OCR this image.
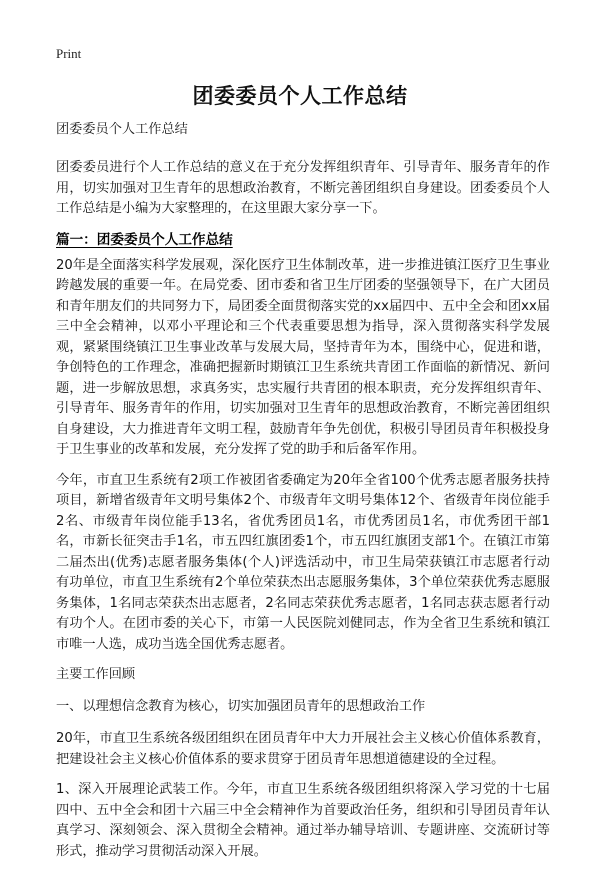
Print
团委委员个人工作总结

团委委员个人工作总结

团委委员进行个人工作总结的意义在于充分发挥组织青年、引导青年、服务青年的作用，切实加强对卫生青年的思想政治教育，不断完善团组织自身建设。团委委员个人工作总结是小编为大家整理的，在这里跟大家分享一下。

篇一：团委委员个人工作总结

20年是全面落实科学发展观，深化医疗卫生体制改革，进一步推进镇江医疗卫生事业跨越发展的重要一年。在局党委、团市委和省卫生厅团委的坚强领导下，在广大团员和青年朋友们的共同努力下，局团委全面贯彻落实党的xx届四中、五中全会和团xx届三中全会精神，以邓小平理论和三个代表重要思想为指导，深入贯彻落实科学发展观，紧紧围绕镇江卫生事业改革与发展大局，坚持青年为本，围绕中心，促进和谐，争创特色的工作理念，准确把握新时期镇江卫生系统共青团工作面临的新情况、新问题，进一步解放思想，求真务实，忠实履行共青团的根本职责，充分发挥组织青年、引导青年、服务青年的作用，切实加强对卫生青年的思想政治教育，不断完善团组织自身建设，大力推进青年文明工程，鼓励青年争先创优，积极引导团员青年积极投身于卫生事业的改革和发展，充分发挥了党的助手和后备军作用。

今年，市直卫生系统有2项工作被团省委确定为20年全省100个优秀志愿者服务扶持项目，新增省级青年文明号集体2个、市级青年文明号集体12个、省级青年岗位能手2名、市级青年岗位能手13名，省优秀团员1名，市优秀团员1名，市优秀团干部1名，市新长征突击手1名，市五四红旗团委1个，市五四红旗团支部1个。在镇江市第二届杰出(优秀)志愿者服务集体(个人)评选活动中，市卫生局荣获镇江市志愿者行动有功单位，市直卫生系统有2个单位荣获杰出志愿服务集体，3个单位荣获优秀志愿服务集体，1名同志荣获杰出志愿者，2名同志荣获优秀志愿者，1名同志获志愿者行动有功个人。在团市委的关心下，市第一人民医院刘健同志，作为全省卫生系统和镇江市唯一人选，成功当选全国优秀志愿者。

主要工作回顾

一、以理想信念教育为核心，切实加强团员青年的思想政治工作

20年，市直卫生系统各级团组织在团员青年中大力开展社会主义核心价值体系教育，把建设社会主义核心价值体系的要求贯穿于团员青年思想道德建设的全过程。

1、深入开展理论武装工作。今年，市直卫生系统各级团组织将深入学习党的十七届四中、五中全会和团十六届三中全会精神作为首要政治任务，组织和引导团员青年认真学习、深刻领会、深入贯彻全会精神。通过举办辅导培训、专题讲座、交流研讨等形式，推动学习贯彻活动深入开展。
